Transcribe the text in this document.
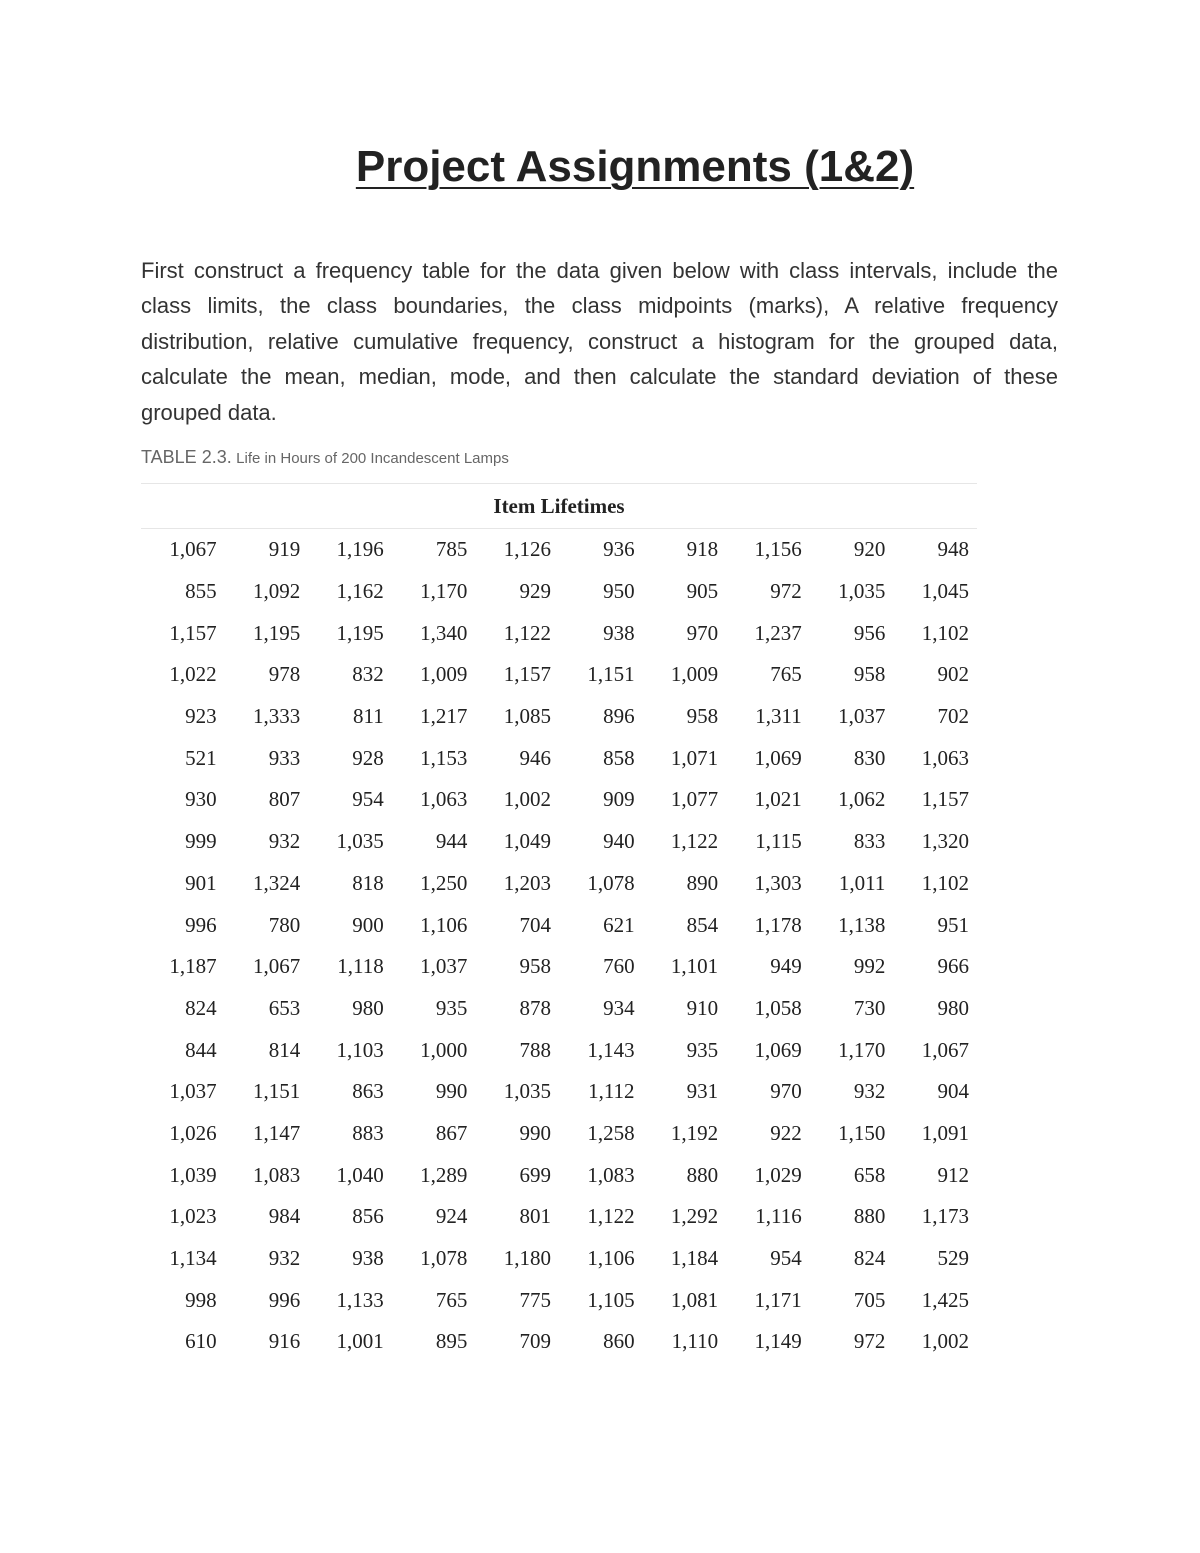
Project Assignments (1&2)

First construct a frequency table for the data given below with class intervals, include the class limits, the class boundaries, the class midpoints (marks), A relative frequency distribution, relative cumulative frequency, construct a histogram for the grouped data, calculate the mean, median, mode, and then calculate the standard deviation of these grouped data.

TABLE 2.3. Life in Hours of 200 Incandescent Lamps

Item Lifetimes									
1,067	919	1,196	785	1,126	936	918	1,156	920	948
855	1,092	1,162	1,170	929	950	905	972	1,035	1,045
1,157	1,195	1,195	1,340	1,122	938	970	1,237	956	1,102
1,022	978	832	1,009	1,157	1,151	1,009	765	958	902
923	1,333	811	1,217	1,085	896	958	1,311	1,037	702
521	933	928	1,153	946	858	1,071	1,069	830	1,063
930	807	954	1,063	1,002	909	1,077	1,021	1,062	1,157
999	932	1,035	944	1,049	940	1,122	1,115	833	1,320
901	1,324	818	1,250	1,203	1,078	890	1,303	1,011	1,102
996	780	900	1,106	704	621	854	1,178	1,138	951
1,187	1,067	1,118	1,037	958	760	1,101	949	992	966
824	653	980	935	878	934	910	1,058	730	980
844	814	1,103	1,000	788	1,143	935	1,069	1,170	1,067
1,037	1,151	863	990	1,035	1,112	931	970	932	904
1,026	1,147	883	867	990	1,258	1,192	922	1,150	1,091
1,039	1,083	1,040	1,289	699	1,083	880	1,029	658	912
1,023	984	856	924	801	1,122	1,292	1,116	880	1,173
1,134	932	938	1,078	1,180	1,106	1,184	954	824	529
998	996	1,133	765	775	1,105	1,081	1,171	705	1,425
610	916	1,001	895	709	860	1,110	1,149	972	1,002
